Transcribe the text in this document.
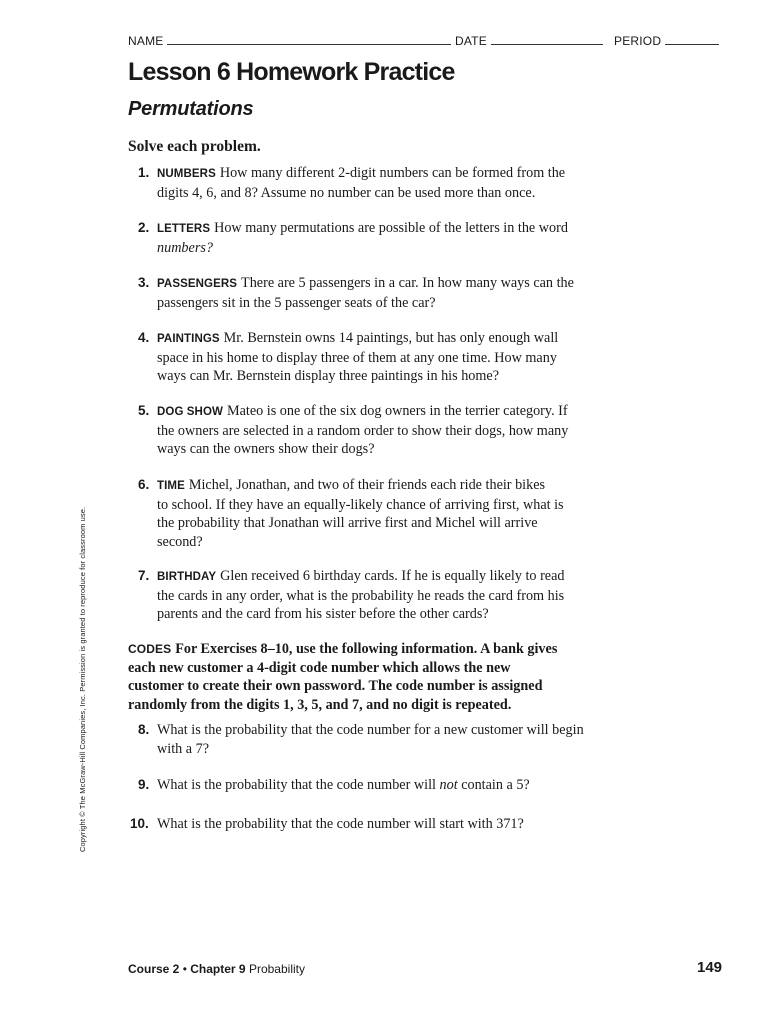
NAME	DATE	PERIOD
Lesson 6 Homework Practice
Permutations
Solve each problem.
1. NUMBERS How many different 2-digit numbers can be formed from the
digits 4, 6, and 8? Assume no number can be used more than once.
2. LETTERS How many permutations are possible of the letters in the word
numbers?
3. PASSENGERS There are 5 passengers in a car. In how many ways can the
passengers sit in the 5 passenger seats of the car?
4. PAINTINGS Mr. Bernstein owns 14 paintings, but has only enough wall
space in his home to display three of them at any one time. How many
ways can Mr. Bernstein display three paintings in his home?
5. DOG SHOW Mateo is one of the six dog owners in the terrier category. If
the owners are selected in a random order to show their dogs, how many
ways can the owners show their dogs?
6. TIME Michel, Jonathan, and two of their friends each ride their bikes
to school. If they have an equally-likely chance of arriving first, what is
the probability that Jonathan will arrive first and Michel will arrive
second?
7. BIRTHDAY Glen received 6 birthday cards. If he is equally likely to read
the cards in any order, what is the probability he reads the card from his
parents and the card from his sister before the other cards?
CODES For Exercises 8–10, use the following information. A bank gives
each new customer a 4-digit code number which allows the new
customer to create their own password. The code number is assigned
randomly from the digits 1, 3, 5, and 7, and no digit is repeated.
8. What is the probability that the code number for a new customer will begin
with a 7?
9. What is the probability that the code number will not contain a 5?
10. What is the probability that the code number will start with 371?
Course 2 • Chapter 9 Probability	149
Copyright © The McGraw-Hill Companies, Inc. Permission is granted to reproduce for classroom use.
